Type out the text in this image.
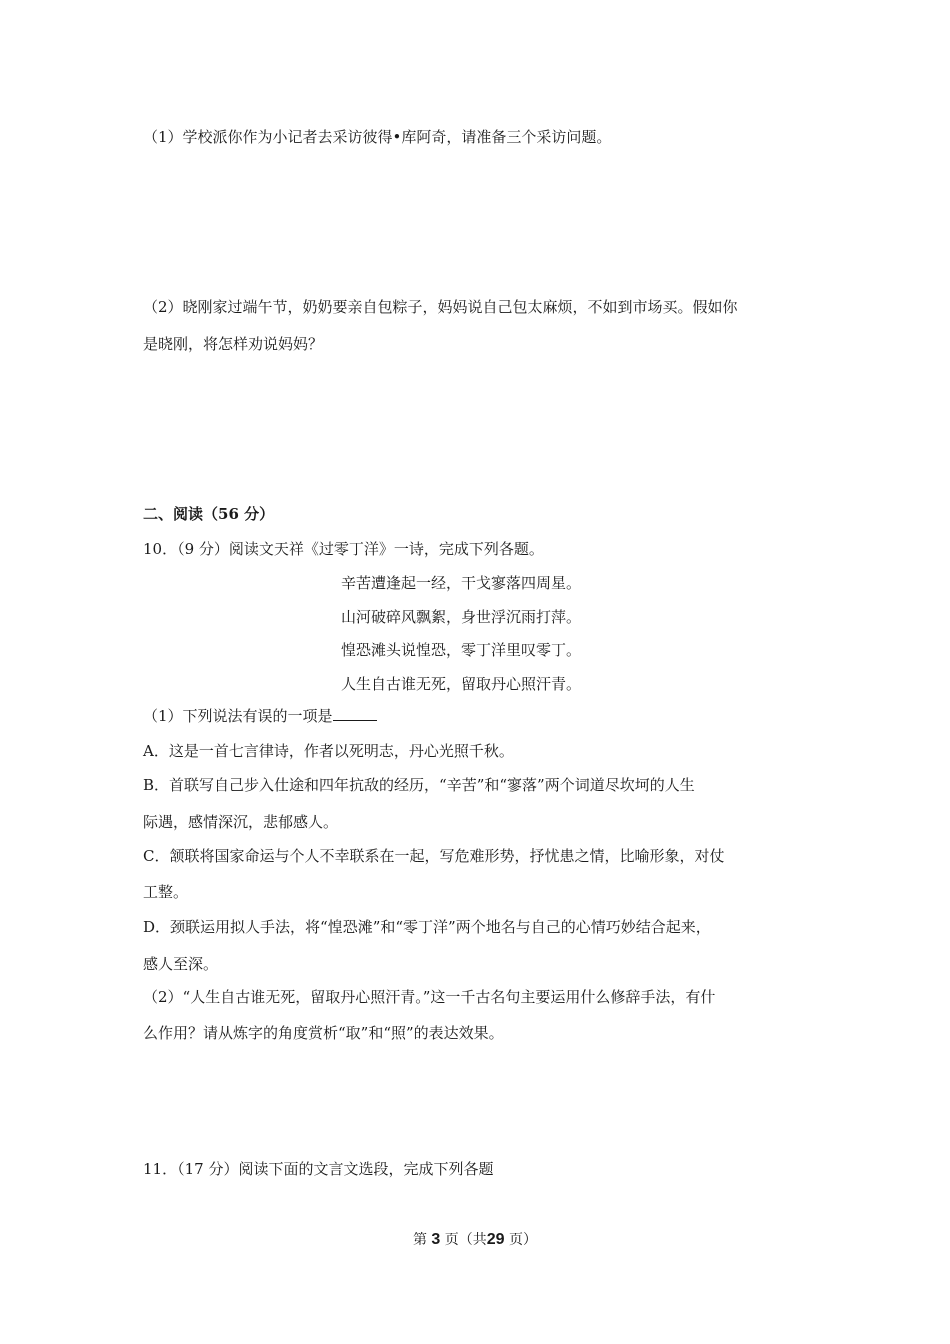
（1）学校派你作为小记者去采访彼得•库阿奇，请准备三个采访问题。
（2）晓刚家过端午节，奶奶要亲自包粽子，妈妈说自己包太麻烦，不如到市场买。假如你
是晓刚，将怎样劝说妈妈？
二、阅读（56 分）
10．（9 分）阅读文天祥《过零丁洋》一诗，完成下列各题。
辛苦遭逢起一经，干戈寥落四周星。
山河破碎风飘絮，身世浮沉雨打萍。
惶恐滩头说惶恐，零丁洋里叹零丁。
人生自古谁无死，留取丹心照汗青。
（1）下列说法有误的一项是
A．这是一首七言律诗，作者以死明志，丹心光照千秋。
B．首联写自己步入仕途和四年抗敌的经历，“辛苦”和“寥落”两个词道尽坎坷的人生
际遇，感情深沉，悲郁感人。
C．颔联将国家命运与个人不幸联系在一起，写危难形势，抒忧患之情，比喻形象，对仗
工整。
D．颈联运用拟人手法，将“惶恐滩”和“零丁洋”两个地名与自己的心情巧妙结合起来，
感人至深。
（2）“人生自古谁无死，留取丹心照汗青。”这一千古名句主要运用什么修辞手法，有什
么作用？请从炼字的角度赏析“取”和“照”的表达效果。
11．（17 分）阅读下面的文言文选段，完成下列各题
第 3 页（共29 页）
